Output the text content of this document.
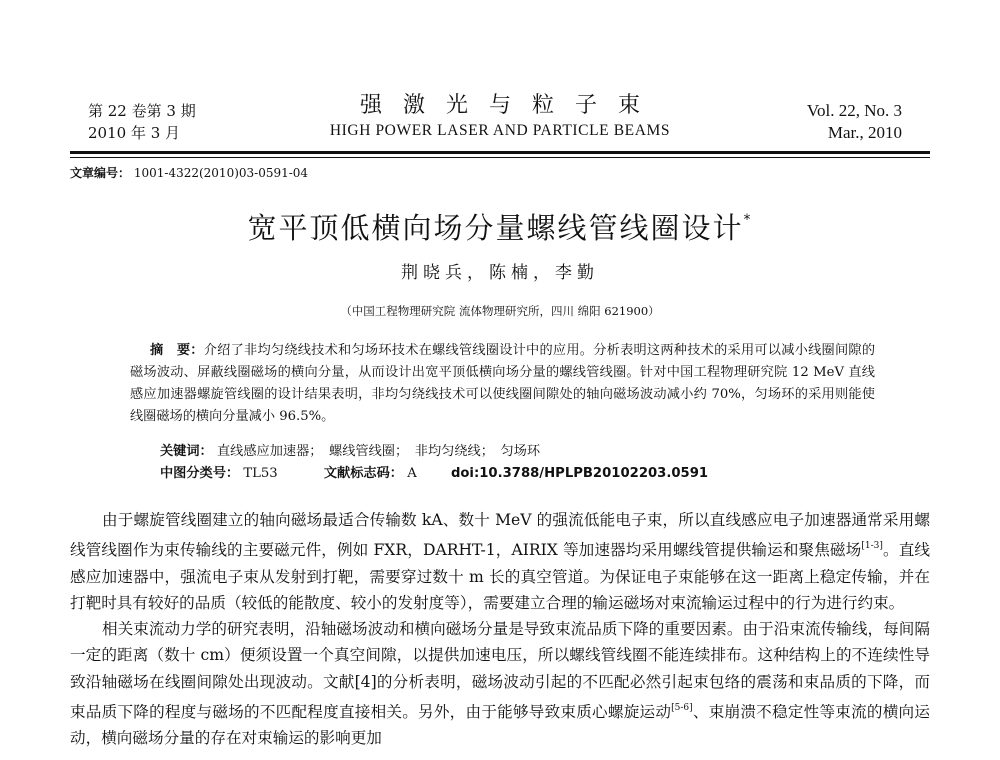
第 22 卷第 3 期
2010 年 3 月
强激光与粒子束
HIGH POWER LASER AND PARTICLE BEAMS
Vol. 22, No. 3
Mar., 2010
文章编号： 1001-4322(2010)03-0591-04
宽平顶低横向场分量螺线管线圈设计*
荆晓兵，陈楠，李勤
（中国工程物理研究院 流体物理研究所，四川 绵阳 621900）
摘　要：介绍了非均匀绕线技术和匀场环技术在螺线管线圈设计中的应用。分析表明这两种技术的采用可以减小线圈间隙的磁场波动、屏蔽线圈磁场的横向分量，从而设计出宽平顶低横向场分量的螺线管线圈。针对中国工程物理研究院 12 MeV 直线感应加速器螺旋管线圈的设计结果表明，非均匀绕线技术可以使线圈间隙处的轴向磁场波动减小约 70%，匀场环的采用则能使线圈磁场的横向分量减小 96.5%。
关键词： 直线感应加速器；　螺线管线圈；　非均匀绕线；　匀场环
中图分类号： TL53	文献标志码： A	doi:10.3788/HPLPB20102203.0591

由于螺旋管线圈建立的轴向磁场最适合传输数 kA、数十 MeV 的强流低能电子束，所以直线感应电子加速器通常采用螺线管线圈作为束传输线的主要磁元件，例如 FXR，DARHT-1，AIRIX 等加速器均采用螺线管提供输运和聚焦磁场[1-3]。直线感应加速器中，强流电子束从发射到打靶，需要穿过数十 m 长的真空管道。为保证电子束能够在这一距离上稳定传输，并在打靶时具有较好的品质（较低的能散度、较小的发射度等），需要建立合理的输运磁场对束流输运过程中的行为进行约束。

相关束流动力学的研究表明，沿轴磁场波动和横向磁场分量是导致束流品质下降的重要因素。由于沿束流传输线，每间隔一定的距离（数十 cm）便须设置一个真空间隙，以提供加速电压，所以螺线管线圈不能连续排布。这种结构上的不连续性导致沿轴磁场在线圈间隙处出现波动。文献[4]的分析表明，磁场波动引起的不匹配必然引起束包络的震荡和束品质的下降，而束品质下降的程度与磁场的不匹配程度直接相关。另外，由于能够导致束质心螺旋运动[5-6]、束崩溃不稳定性等束流的横向运动，横向磁场分量的存在对束输运的影响更加
